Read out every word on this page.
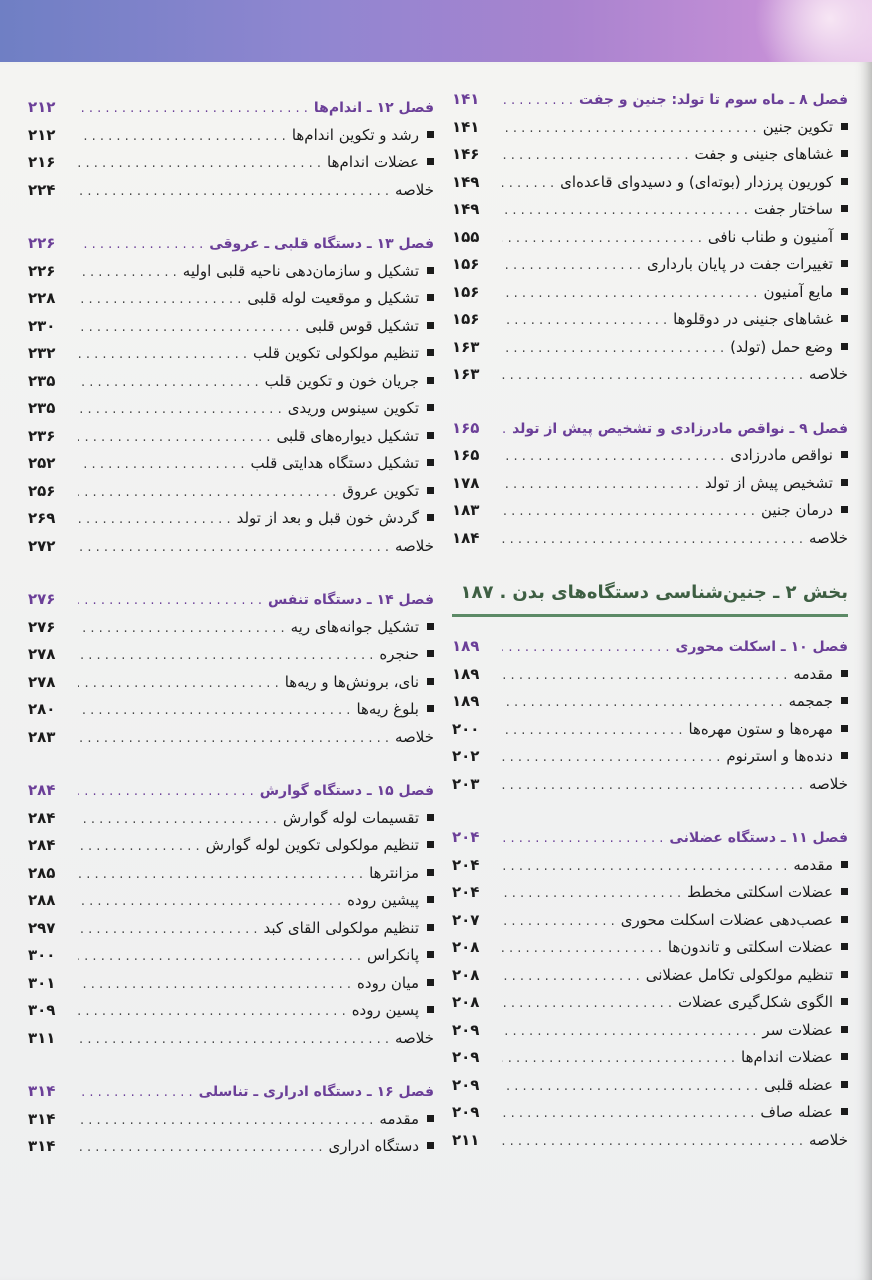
فصل ۸ ـ ماه سوم تا تولد: جنین و جفت
. . .
۱۴۱
تکوین جنین
. . .
۱۴۱
غشاهای جنینی و جفت
. . .
۱۴۶
کوریون پرزدار (بوته‌ای) و دسیدوای قاعده‌ای
. . .
۱۴۹
ساختار جفت
. . .
۱۴۹
آمنیون و طناب نافی
. . .
۱۵۵
تغییرات جفت در پایان بارداری
. . .
۱۵۶
مایع آمنیون
. . .
۱۵۶
غشاهای جنینی در دوقلوها
. . .
۱۵۶
وضع حمل (تولد)
. . .
۱۶۳
خلاصه
. . .
۱۶۳
فصل ۹ ـ نواقص مادرزادی و تشخیص پیش از تولد
. . .
۱۶۵
نواقص مادرزادی
. . .
۱۶۵
تشخیص پیش از تولد
. . .
۱۷۸
درمان جنین
. . .
۱۸۳
خلاصه
. . .
۱۸۴
بخش ۲ ـ جنین‌شناسی دستگاه‌های بدن
.
۱۸۷
فصل ۱۰ ـ اسکلت محوری
. . .
۱۸۹
مقدمه
. . .
۱۸۹
جمجمه
. . .
۱۸۹
مهره‌ها و ستون مهره‌ها
. . .
۲۰۰
دنده‌ها و استرنوم
. . .
۲۰۲
خلاصه
. . .
۲۰۳
فصل ۱۱ ـ دستگاه عضلانی
. . .
۲۰۴
مقدمه
. . .
۲۰۴
عضلات اسکلتی مخطط
. . .
۲۰۴
عصب‌دهی عضلات اسکلت محوری
. . .
۲۰۷
عضلات اسکلتی و تاندون‌ها
. . .
۲۰۸
تنظیم مولکولی تکامل عضلانی
. . .
۲۰۸
الگوی شکل‌گیری عضلات
. . .
۲۰۸
عضلات سر
. . .
۲۰۹
عضلات اندام‌ها
. . .
۲۰۹
عضله قلبی
. . .
۲۰۹
عضله صاف
. . .
۲۰۹
خلاصه
. . .
۲۱۱
فصل ۱۲ ـ اندام‌ها
. . .
۲۱۲
رشد و تکوین اندام‌ها
. . .
۲۱۲
عضلات اندام‌ها
. . .
۲۱۶
خلاصه
. . .
۲۲۴
فصل ۱۳ ـ دستگاه قلبی ـ عروقی
. . .
۲۲۶
تشکیل و سازمان‌دهی ناحیه قلبی اولیه
. . .
۲۲۶
تشکیل و موقعیت لوله قلبی
. . .
۲۲۸
تشکیل قوس قلبی
. . .
۲۳۰
تنظیم مولکولی تکوین قلب
. . .
۲۳۲
جریان خون و تکوین قلب
. . .
۲۳۵
تکوین سینوس وریدی
. . .
۲۳۵
تشکیل دیواره‌های قلبی
. . .
۲۳۶
تشکیل دستگاه هدایتی قلب
. . .
۲۵۲
تکوین عروق
. . .
۲۵۶
گردش خون قبل و بعد از تولد
. . .
۲۶۹
خلاصه
. . .
۲۷۲
فصل ۱۴ ـ دستگاه تنفس
. . .
۲۷۶
تشکیل جوانه‌های ریه
. . .
۲۷۶
حنجره
. . .
۲۷۸
نای، برونش‌ها و ریه‌ها
. . .
۲۷۸
بلوغ ریه‌ها
. . .
۲۸۰
خلاصه
. . .
۲۸۳
فصل ۱۵ ـ دستگاه گوارش
. . .
۲۸۴
تقسیمات لوله گوارش
. . .
۲۸۴
تنظیم مولکولی تکوین لوله گوارش
. . .
۲۸۴
مزانترها
. . .
۲۸۵
پیشین روده
. . .
۲۸۸
تنظیم مولکولی القای کبد
. . .
۲۹۷
پانکراس
. . .
۳۰۰
میان روده
. . .
۳۰۱
پسین روده
. . .
۳۰۹
خلاصه
. . .
۳۱۱
فصل ۱۶ ـ دستگاه ادراری ـ تناسلی
. . .
۳۱۴
مقدمه
. . .
۳۱۴
دستگاه ادراری
. . .
۳۱۴
